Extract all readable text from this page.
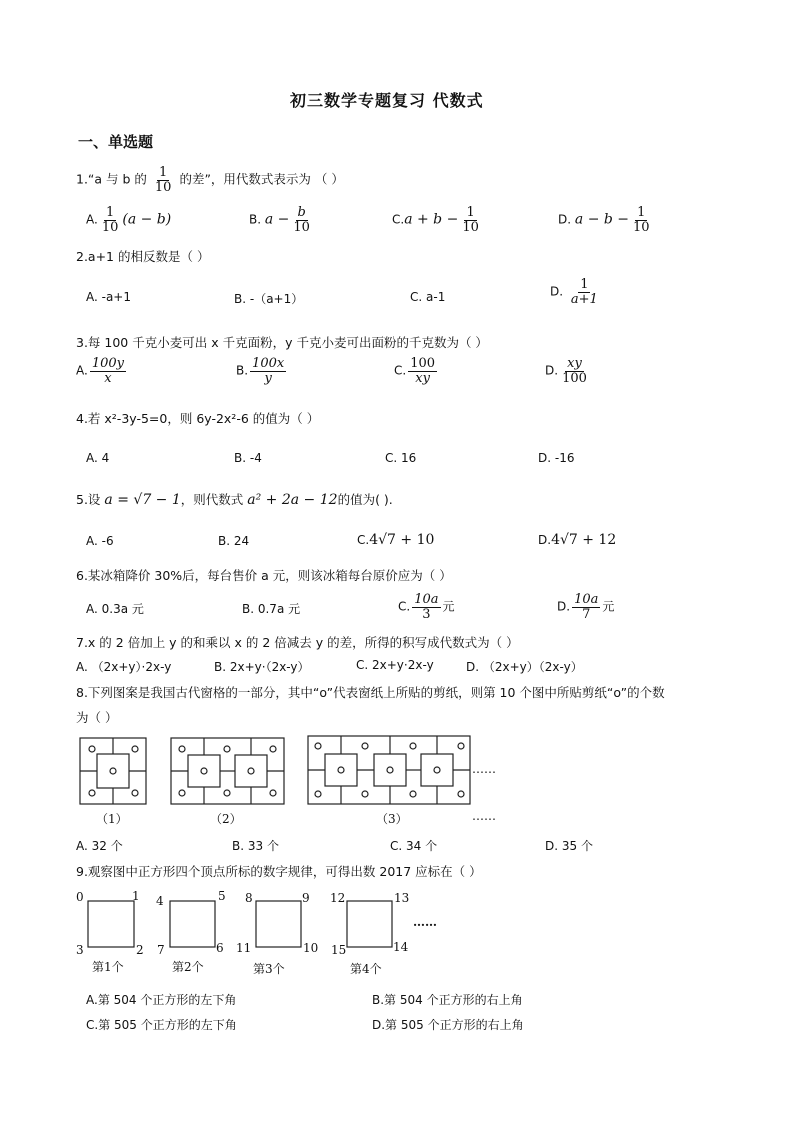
初三数学专题复习 代数式
一、单选题
1.“a 与 b 的 $\frac{1}{10}$ 的差”，用代数式表示为 （ ）
A. $\frac{1}{10} (a - b)$	B. $a - \frac{b}{10}$	$C.a + b - \frac{1}{10}$	D. $a - b - \frac{1}{10}$
2.a+1 的相反数是（ ）
A. -a+1	B. -（a+1）	C. a-1	D. $\frac{1}{a+1}$
3.每 100 千克小麦可出 x 千克面粉，y 千克小麦可出面粉的千克数为（ ）
A. $\frac{100y}{x}$	B. $\frac{100x}{y}$	C. $\frac{100}{xy}$	D. $\frac{xy}{100}$
4.若 x²-3y-5=0，则 6y-2x²-6 的值为（ ）
A. 4	B. -4	C. 16	D. -16
5.设 a = √7 − 1，则代数式 a² + 2a − 12的值为( ).
A. -6	B. 24	C.4√7 + 10	D.4√7 + 12
6.某冰箱降价 30%后，每台售价 a 元，则该冰箱每台原价应为（ ）
A. 0.3a 元	B. 0.7a 元	C. $\frac{10a}{3}$ 元	D. $\frac{10a}{7}$ 元
7.x 的 2 倍加上 y 的和乘以 x 的 2 倍减去 y 的差，所得的积写成代数式为（ ）
A. （2x+y）·2x-y	B. 2x+y·（2x-y）	C. 2x+y·2x-y	D. （2x+y）（2x-y）
8.下列图案是我国古代窗格的一部分，其中“o”代表窗纸上所贴的剪纸，则第 10 个图中所贴剪纸“o”的个数
为（ ）
（1）	（2）	（3）
……
……
A. 32 个	B. 33 个	C. 34 个	D. 35 个
9.观察图中正方形四个顶点所标的数字规律，可得出数 2017 应标在（ ）
0	1
2
3
4	5
6
7
8	9
10
11
12	13
14
15
……
第1个	第2个	第3个	第4个
A.第 504 个正方形的左下角	B.第 504 个正方形的右上角
C.第 505 个正方形的左下角	D.第 505 个正方形的右上角
